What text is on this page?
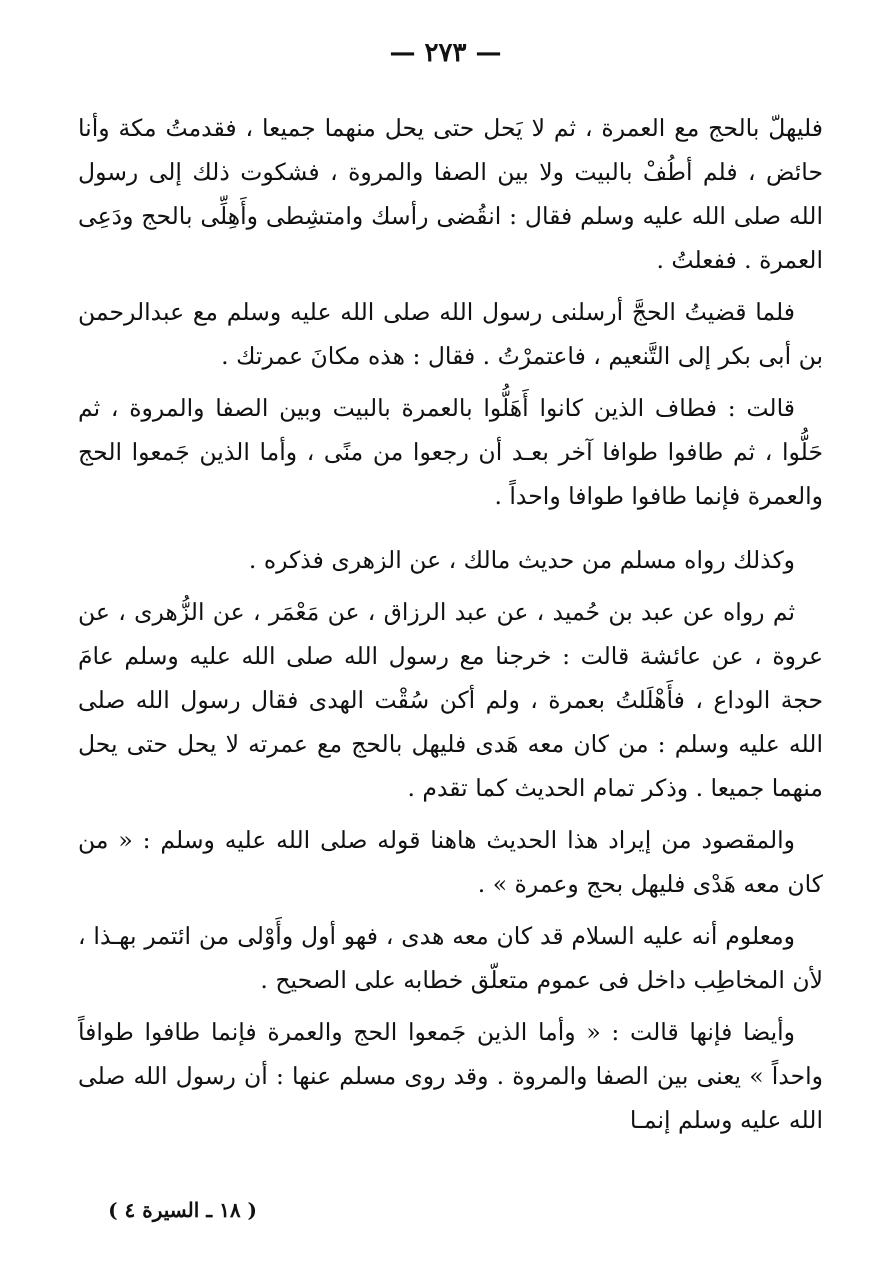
— ٢٧٣ —

فليهلّ بالحج مع العمرة ، ثم لا يَحل حتى يحل منهما جميعا ، فقدمتُ مكة وأنا حائض ، فلم أطُفْ بالبيت ولا بين الصفا والمروة ، فشكوت ذلك إلى رسول الله صلى الله عليه وسلم فقال : انقُضى رأسك وامتشِطى وأَهِلِّى بالحج ودَعِى العمرة . ففعلتُ .

فلما قضيتُ الحجَّ أرسلنى رسول الله صلى الله عليه وسلم مع عبدالرحمن بن أبى بكر إلى التَّنعيم ، فاعتمرْتُ . فقال : هذه مكانَ عمرتك .

قالت : فطاف الذين كانوا أَهَلُّوا بالعمرة بالبيت وبين الصفا والمروة ، ثم حَلُّوا ، ثم طافوا طوافا آخر بعـد أن رجعوا من منًى ، وأما الذين جَمعوا الحج والعمرة فإنما طافوا طوافا واحداً .

وكذلك رواه مسلم من حديث مالك ، عن الزهرى فذكره .

ثم رواه عن عبد بن حُميد ، عن عبد الرزاق ، عن مَعْمَر ، عن الزُّهرى ، عن عروة ، عن عائشة قالت : خرجنا مع رسول الله صلى الله عليه وسلم عامَ حجة الوداع ، فأَهْلَلتُ بعمرة ، ولم أكن سُقْت الهدى فقال رسول الله صلى الله عليه وسلم : من كان معه هَدى فليهل بالحج مع عمرته لا يحل حتى يحل منهما جميعا . وذكر تمام الحديث كما تقدم .

والمقصود من إيراد هذا الحديث هاهنا قوله صلى الله عليه وسلم : « من كان معه هَدْى فليهل بحج وعمرة » .

ومعلوم أنه عليه السلام قد كان معه هدى ، فهو أول وأَوْلى من ائتمر بهـذا ، لأن المخاطِب داخل فى عموم متعلّق خطابه على الصحيح .

وأيضا فإنها قالت : « وأما الذين جَمعوا الحج والعمرة فإنما طافوا طوافاً واحداً » يعنى بين الصفا والمروة . وقد روى مسلم عنها : أن رسول الله صلى الله عليه وسلم إنمـا

( ١٨ ـ السيرة ٤ )
